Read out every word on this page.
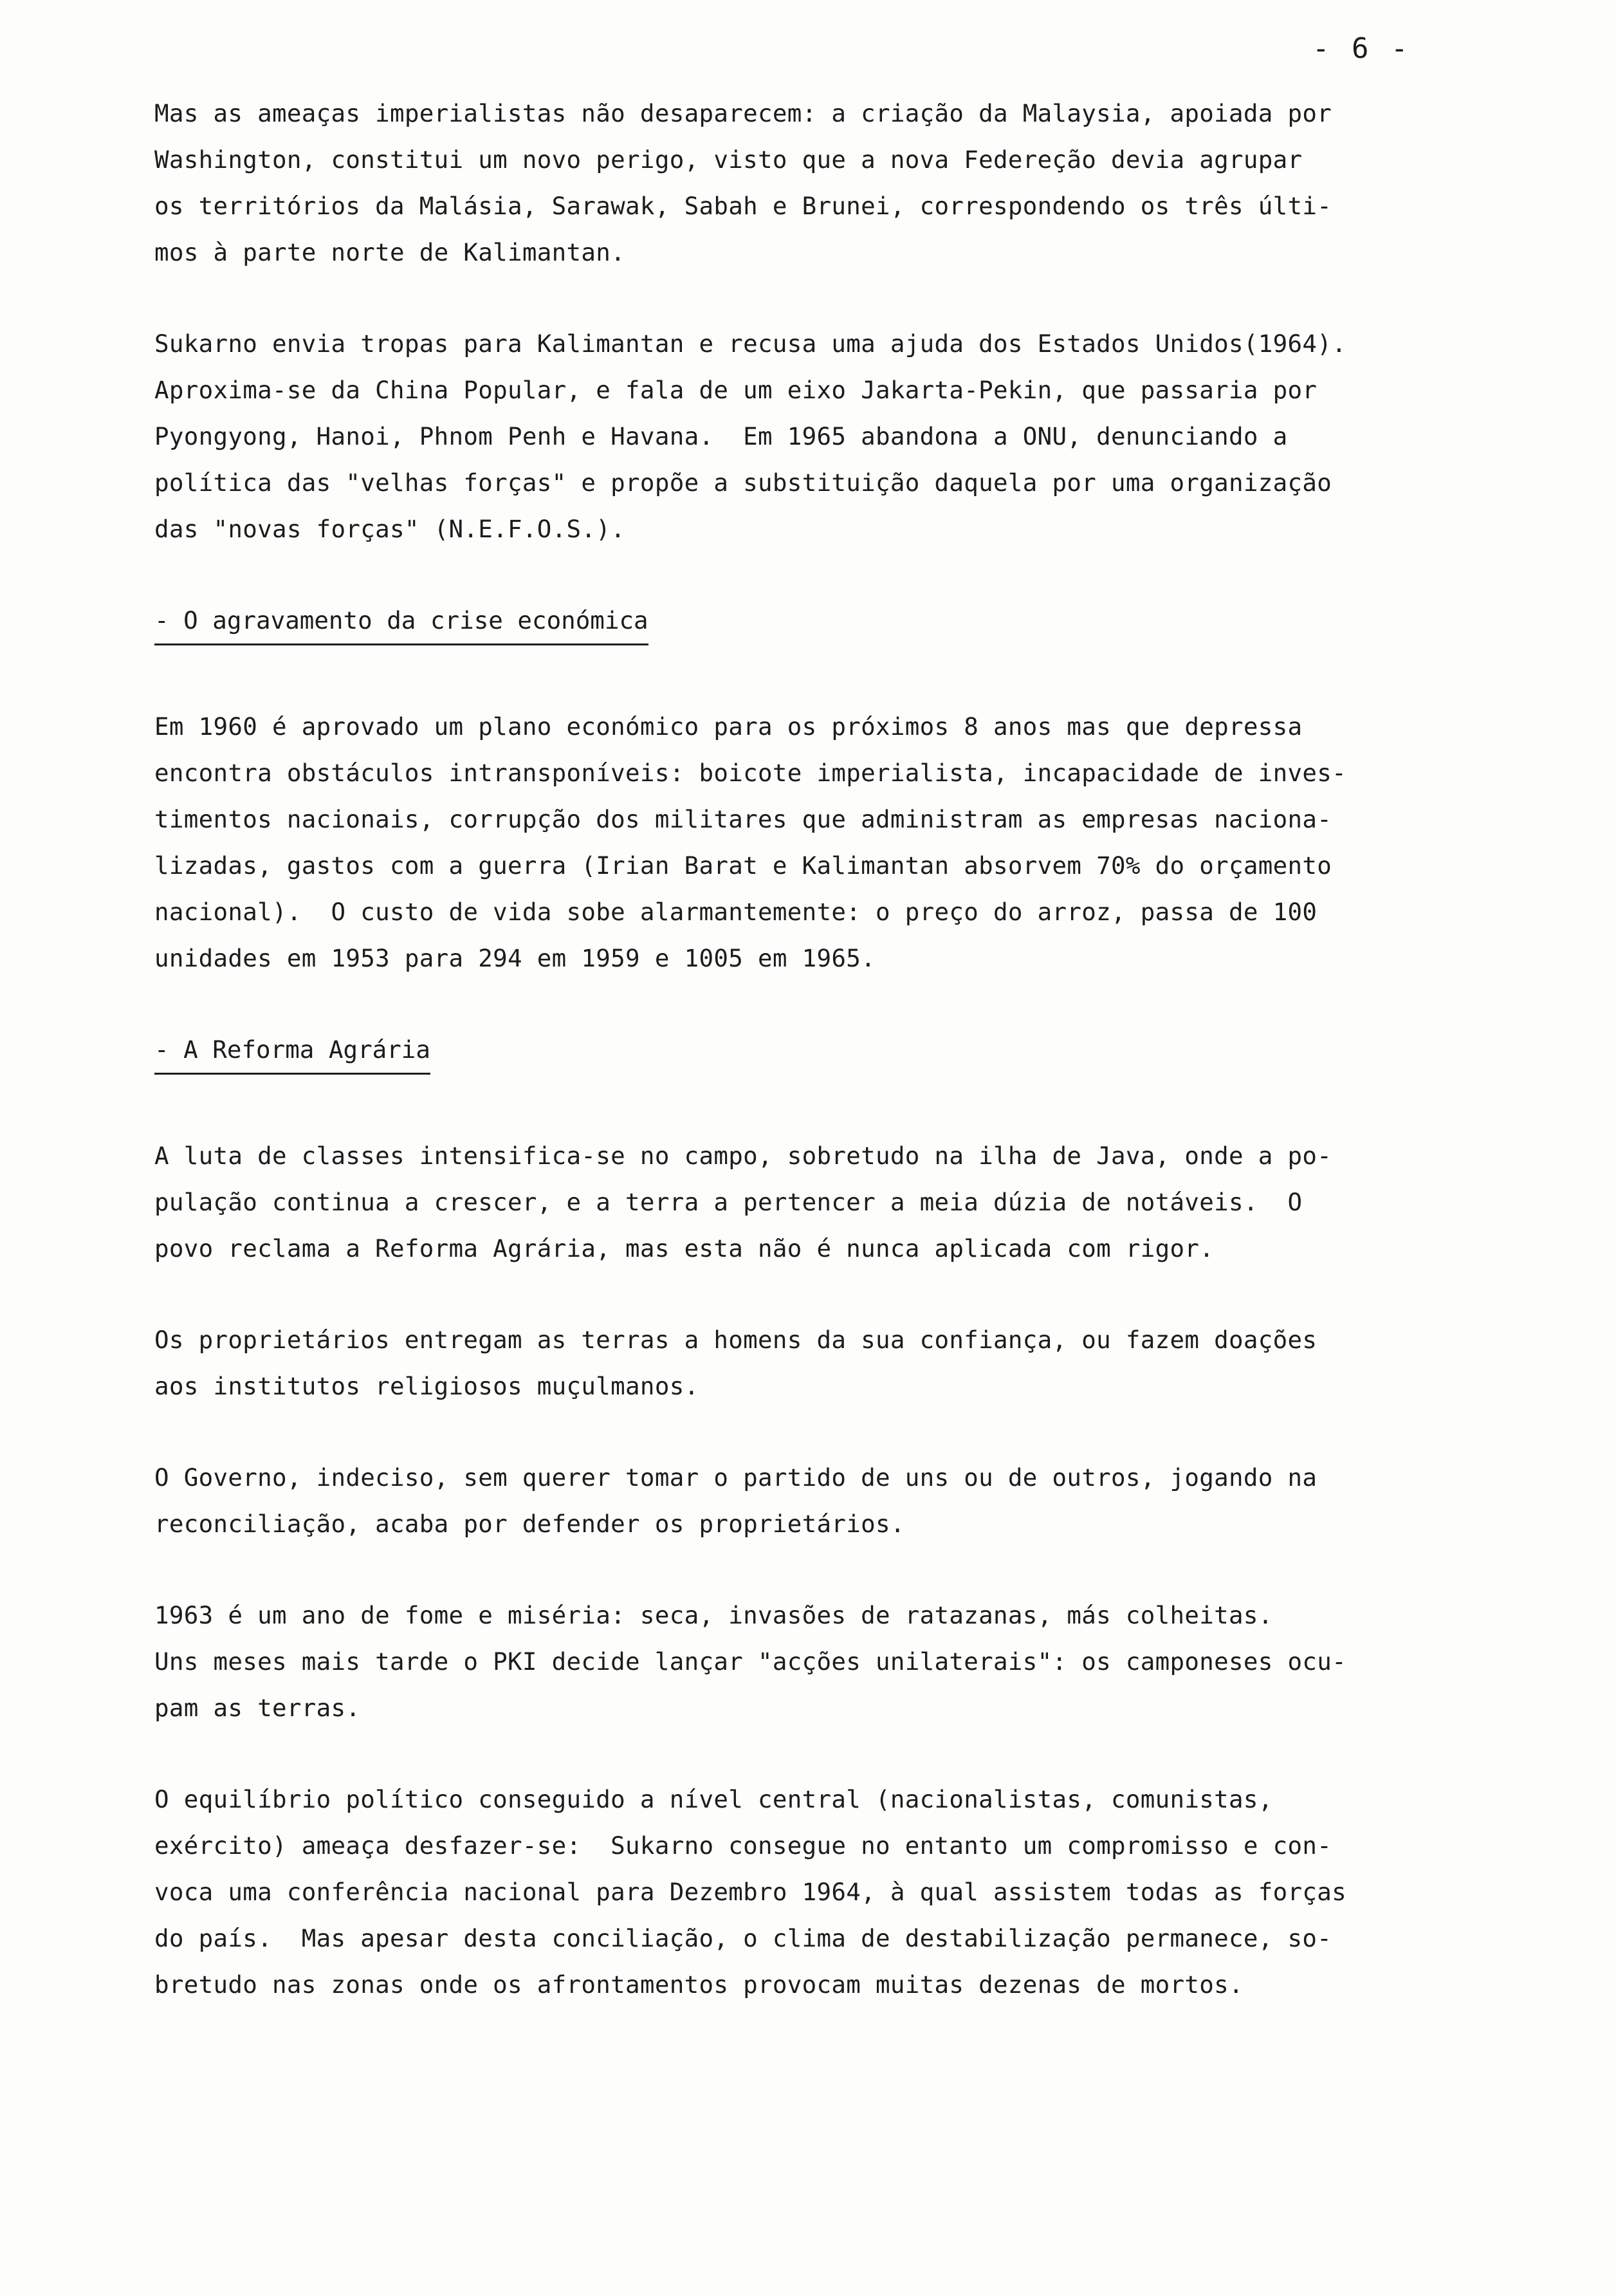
- 6 -
Mas as ameaças imperialistas não desaparecem: a criação da Malaysia, apoiada por
Washington, constitui um novo perigo, visto que a nova Federeção devia agrupar
os territórios da Malásia, Sarawak, Sabah e Brunei, correspondendo os três últi-
mos à parte norte de Kalimantan.
Sukarno envia tropas para Kalimantan e recusa uma ajuda dos Estados Unidos(1964).
Aproxima-se da China Popular, e fala de um eixo Jakarta-Pekin, que passaria por
Pyongyong, Hanoi, Phnom Penh e Havana.  Em 1965 abandona a ONU, denunciando a
política das "velhas forças" e propõe a substituição daquela por uma organização
das "novas forças" (N.E.F.O.S.).
- O agravamento da crise económica
Em 1960 é aprovado um plano económico para os próximos 8 anos mas que depressa
encontra obstáculos intransponíveis: boicote imperialista, incapacidade de inves-
timentos nacionais, corrupção dos militares que administram as empresas naciona-
lizadas, gastos com a guerra (Irian Barat e Kalimantan absorvem 70% do orçamento
nacional).  O custo de vida sobe alarmantemente: o preço do arroz, passa de 100
unidades em 1953 para 294 em 1959 e 1005 em 1965.
- A Reforma Agrária
A luta de classes intensifica-se no campo, sobretudo na ilha de Java, onde a po-
pulação continua a crescer, e a terra a pertencer a meia dúzia de notáveis.  O
povo reclama a Reforma Agrária, mas esta não é nunca aplicada com rigor.
Os proprietários entregam as terras a homens da sua confiança, ou fazem doações
aos institutos religiosos muçulmanos.
O Governo, indeciso, sem querer tomar o partido de uns ou de outros, jogando na
reconciliação, acaba por defender os proprietários.
1963 é um ano de fome e miséria: seca, invasões de ratazanas, más colheitas.
Uns meses mais tarde o PKI decide lançar "acções unilaterais": os camponeses ocu-
pam as terras.
O equilíbrio político conseguido a nível central (nacionalistas, comunistas,
exército) ameaça desfazer-se:  Sukarno consegue no entanto um compromisso e con-
voca uma conferência nacional para Dezembro 1964, à qual assistem todas as forças
do país.  Mas apesar desta conciliação, o clima de destabilização permanece, so-
bretudo nas zonas onde os afrontamentos provocam muitas dezenas de mortos.
